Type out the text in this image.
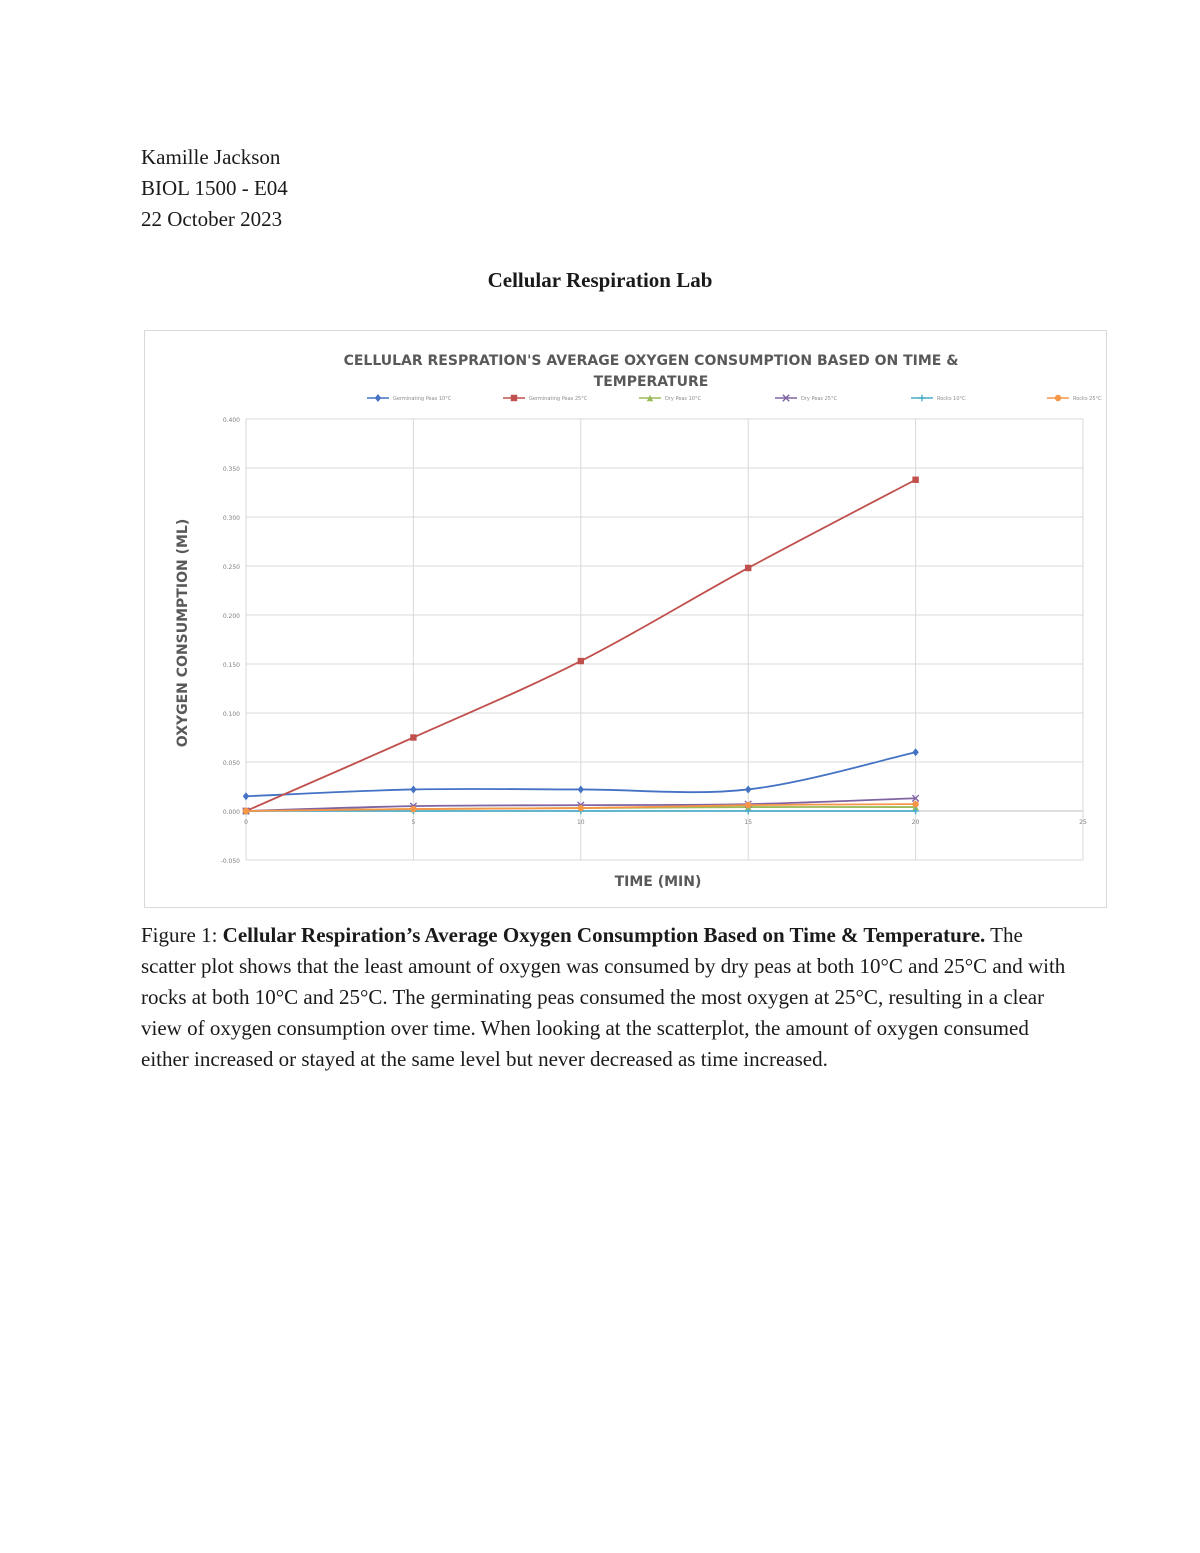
Kamille Jackson
BIOL 1500 - E04
22 October 2023
Cellular Respiration Lab
CELLULAR RESPRATION'S AVERAGE OXYGEN CONSUMPTION BASED ON TIME &
TEMPERATURE
Germinating Peas 10°C	Germinating Peas 25°C	Dry Peas 10°C	Dry Peas 25°C	Rocks 10°C	Rocks 25°C
-0.050
0.000
0.050
0.100
0.150
0.200
0.250
0.300
0.350
0.400
0	5	10	15	20	25
TIME (MIN)
OXYGEN CONSUMPTION (ML)
Figure 1: Cellular Respiration’s Average Oxygen Consumption Based on Time & Temperature. The scatter plot shows that the least amount of oxygen was consumed by dry peas at both 10°C and 25°C and with rocks at both 10°C and 25°C. The germinating peas consumed the most oxygen at 25°C, resulting in a clear view of oxygen consumption over time. When looking at the scatterplot, the amount of oxygen consumed either increased or stayed at the same level but never decreased as time increased.
